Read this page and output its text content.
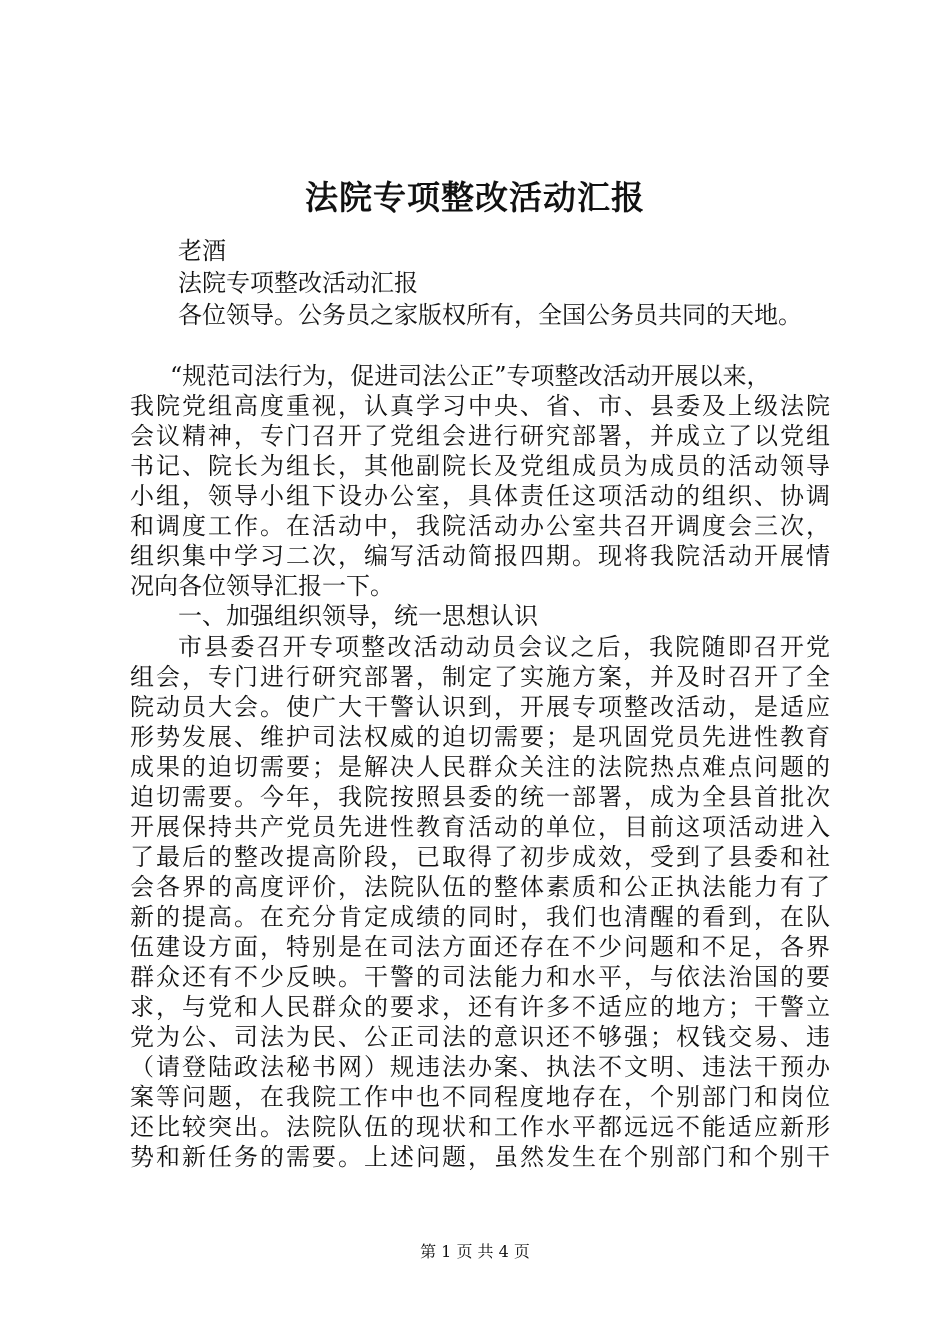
法院专项整改活动汇报
老酒
法院专项整改活动汇报
各位领导。公务员之家版权所有，全国公务员共同的天地。
“规范司法行为，促进司法公正”专项整改活动开展以来，
我院党组高度重视，认真学习中央、省、市、县委及上级法院
会议精神，专门召开了党组会进行研究部署，并成立了以党组
书记、院长为组长，其他副院长及党组成员为成员的活动领导
小组，领导小组下设办公室，具体责任这项活动的组织、协调
和调度工作。在活动中，我院活动办公室共召开调度会三次，
组织集中学习二次，编写活动简报四期。现将我院活动开展情
况向各位领导汇报一下。
一、加强组织领导，统一思想认识
市县委召开专项整改活动动员会议之后，我院随即召开党
组会，专门进行研究部署，制定了实施方案，并及时召开了全
院动员大会。使广大干警认识到，开展专项整改活动，是适应
形势发展、维护司法权威的迫切需要；是巩固党员先进性教育
成果的迫切需要；是解决人民群众关注的法院热点难点问题的
迫切需要。今年，我院按照县委的统一部署，成为全县首批次
开展保持共产党员先进性教育活动的单位，目前这项活动进入
了最后的整改提高阶段，已取得了初步成效，受到了县委和社
会各界的高度评价，法院队伍的整体素质和公正执法能力有了
新的提高。在充分肯定成绩的同时，我们也清醒的看到，在队
伍建设方面，特别是在司法方面还存在不少问题和不足，各界
群众还有不少反映。干警的司法能力和水平，与依法治国的要
求，与党和人民群众的要求，还有许多不适应的地方；干警立
党为公、司法为民、公正司法的意识还不够强；权钱交易、违
（请登陆政法秘书网）规违法办案、执法不文明、违法干预办
案等问题，在我院工作中也不同程度地存在，个别部门和岗位
还比较突出。法院队伍的现状和工作水平都远远不能适应新形
势和新任务的需要。上述问题，虽然发生在个别部门和个别干
第 1 页 共 4 页
